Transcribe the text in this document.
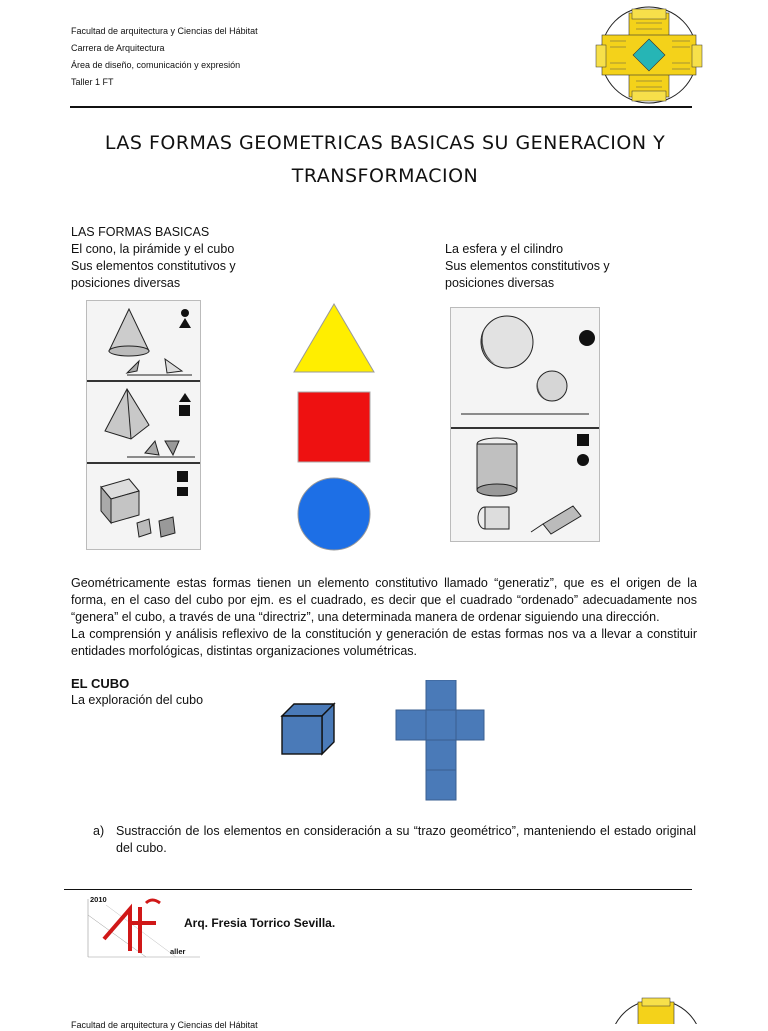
Facultad de arquitectura y Ciencias del Hábitat
Carrera de Arquitectura
Área de diseño, comunicación y expresión
Taller 1 FT
LAS FORMAS GEOMETRICAS BASICAS SU GENERACION Y
TRANSFORMACION
LAS FORMAS BASICAS
El cono, la pirámide y el cubo
Sus elementos constitutivos y
posiciones diversas
La esfera y el cilindro
Sus elementos constitutivos y
posiciones diversas
Geométricamente estas formas tienen un elemento constitutivo llamado “generatiz”, que es el origen de la forma, en el caso del cubo por ejm. es el cuadrado, es decir que el cuadrado “ordenado” adecuadamente nos “genera” el cubo, a través de una “directriz”, una determinada manera de ordenar siguiendo una dirección.
La comprensión y análisis reflexivo de la constitución y generación de estas formas nos va a llevar a constituir entidades morfológicas, distintas organizaciones volumétricas.
EL CUBO
La exploración del cubo
a) Sustracción de los elementos en consideración a su “trazo geométrico”, manteniendo el estado original del cubo.
2010
aller
Arq. Fresia Torrico Sevilla.
Facultad de arquitectura y Ciencias del Hábitat
